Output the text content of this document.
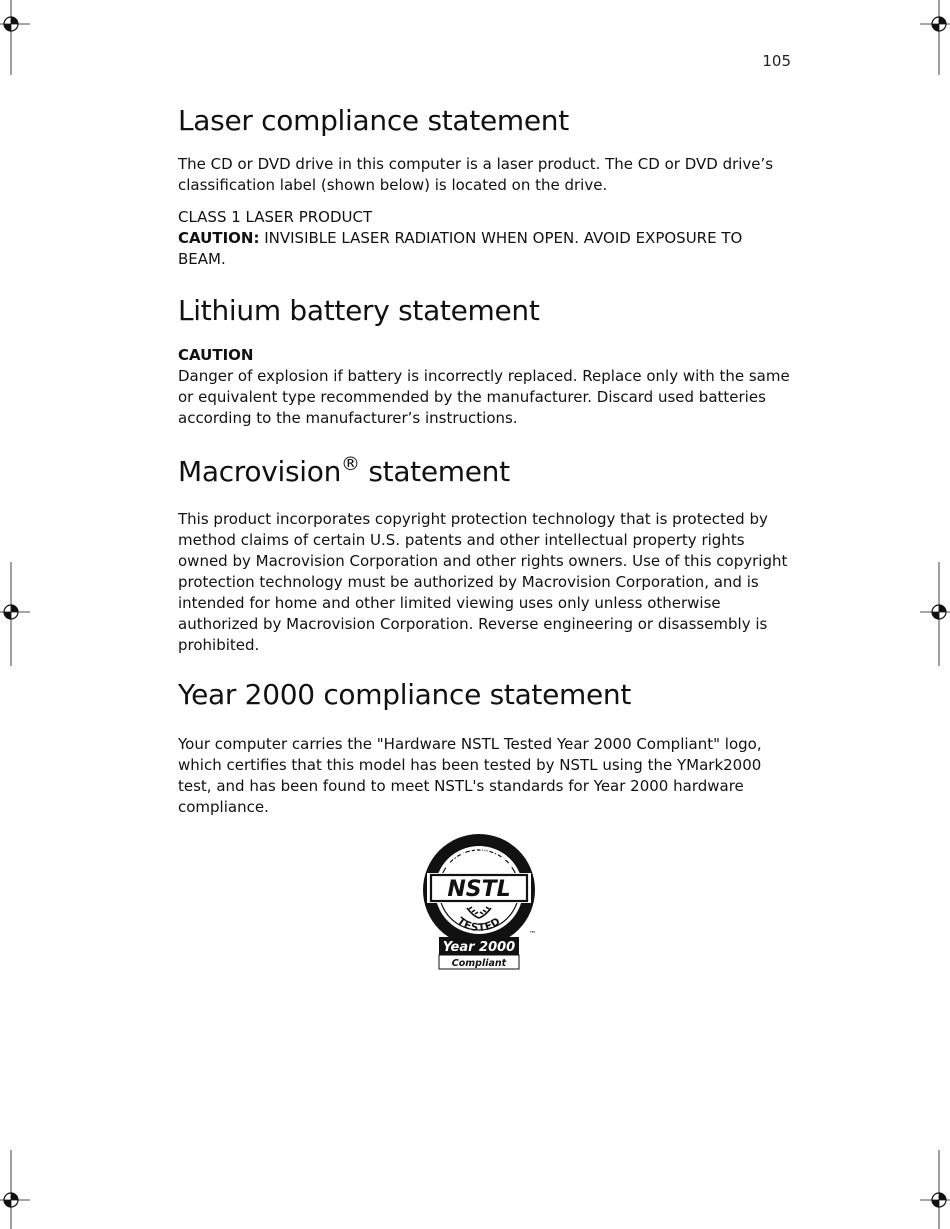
105
Laser compliance statement

The CD or DVD drive in this computer is a laser product. The CD or DVD drive’s classification label (shown below) is located on the drive.

CLASS 1 LASER PRODUCT

CAUTION: INVISIBLE LASER RADIATION WHEN OPEN. AVOID EXPOSURE TO BEAM.

Lithium battery statement

CAUTION

Danger of explosion if battery is incorrectly replaced. Replace only with the same or equivalent type recommended by the manufacturer. Discard used batteries according to the manufacturer’s instructions.

Macrovision® statement

This product incorporates copyright protection technology that is protected by method claims of certain U.S. patents and other intellectual property rights owned by Macrovision Corporation and other rights owners. Use of this copyright protection technology must be authorized by Macrovision Corporation, and is intended for home and other limited viewing uses only unless otherwise authorized by Macrovision Corporation. Reverse engineering or disassembly is prohibited.

Year 2000 compliance statement

Your computer carries the "Hardware NSTL Tested Year 2000 Compliant" logo, which certifies that this model has been tested by NSTL using the YMark2000 test, and has been found to meet NSTL's standards for Year 2000 hardware compliance.

HARDWARE
NSTL
TESTED
™
Year 2000
Compliant
